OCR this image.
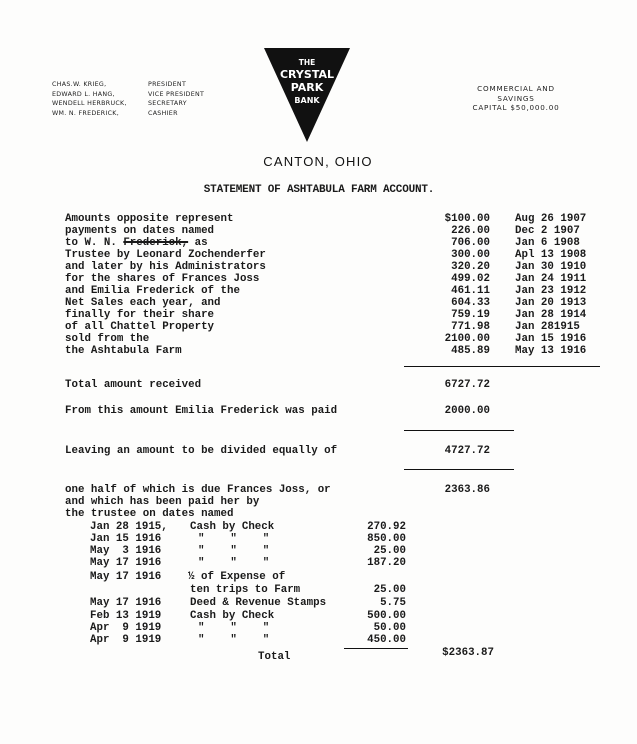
CHAS.W. KRIEG,	PRESIDENT
EDWARD L. HANG,	VICE PRESIDENT
WENDELL HERBRUCK,	SECRETARY
WM. N. FREDERICK,	CASHIER
THE
CRYSTAL
PARK
BANK
COMMERCIAL AND
SAVINGS
CAPITAL $50,000.00
CANTON, OHIO
STATEMENT OF ASHTABULA FARM ACCOUNT.
Amounts opposite represent	$100.00 Aug 26 1907
payments on dates named	226.00 Dec 2 1907
to W. N. Frederick, as	706.00 Jan 6 1908
Trustee by Leonard Zochenderfer	300.00 Apl 13 1908
and later by his Administrators	320.20 Jan 30 1910
for the shares of Frances Joss	499.02 Jan 24 1911
and Emilia Frederick of the	461.11 Jan 23 1912
Net Sales each year, and	604.33 Jan 20 1913
finally for their share	759.19 Jan 28 1914
of all Chattel Property	771.98 Jan 281915
sold from the	2100.00 Jan 15 1916
the Ashtabula Farm	485.89 May 13 1916
Total amount received	6727.72
From this amount Emilia Frederick was paid	2000.00
Leaving an amount to be divided equally of	4727.72
one half of which is due Frances Joss, or	2363.86
and which has been paid her by
the trustee on dates named
Jan 28 1915, Cash by Check	270.92
Jan 15 1916	"    "    "	850.00
May  3 1916	"    "    "	25.00
May 17 1916	"    "    "	187.20
May 17 1916 ½ of Expense of
ten trips to Farm	25.00
May 17 1916	Deed & Revenue Stamps	5.75
Feb 13 1919	Cash by Check	500.00
Apr  9 1919	"    "    "	50.00
Apr  9 1919	"    "    "	450.00
Total	$2363.87
